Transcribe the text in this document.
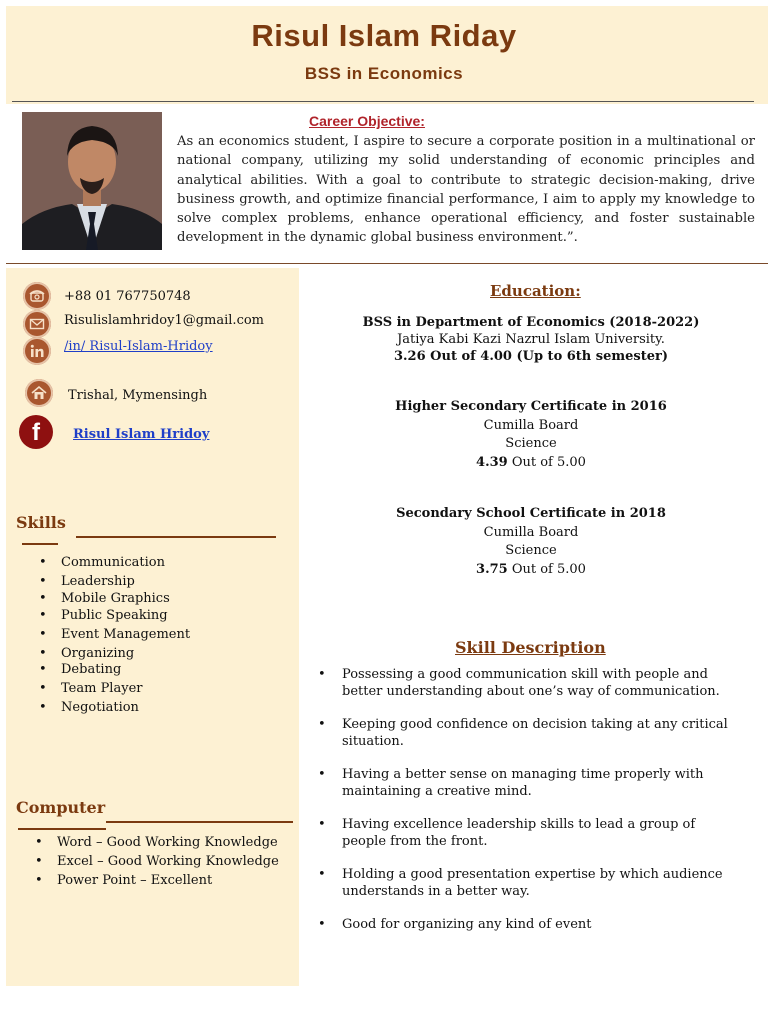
Risul Islam Riday
BSS in Economics
Career Objective:
As an economics student, I aspire to secure a corporate position in a multinational or national company, utilizing my solid understanding of economic principles and analytical abilities. With a goal to contribute to strategic decision-making, drive business growth, and optimize financial performance, I aim to apply my knowledge to solve complex problems, enhance operational efficiency, and foster sustainable development in the dynamic global business environment.”.
+88 01 767750748
Risulislamhridoy1@gmail.com
/in/ Risul-Islam-Hridoy
Trishal, Mymensingh
f	Risul Islam Hridoy
Skills
• Communication
• Leadership
• Mobile Graphics
• Public Speaking
• Event Management
• Organizing
• Debating
• Team Player
• Negotiation
Computer
• Word – Good Working Knowledge
• Excel – Good Working Knowledge
• Power Point – Excellent
Education:
BSS in Department of Economics (2018-2022)
Jatiya Kabi Kazi Nazrul Islam University.
3.26 Out of 4.00 (Up to 6th semester)
Higher Secondary Certificate in 2016
Cumilla Board
Science
4.39 Out of 5.00
Secondary School Certificate in 2018
Cumilla Board
Science
3.75 Out of 5.00
Skill Description
• Possessing a good communication skill with people and better understanding about one’s way of communication.
• Keeping good confidence on decision taking at any critical situation.
• Having a better sense on managing time properly with maintaining a creative mind.
• Having excellence leadership skills to lead a group of people from the front.
• Holding a good presentation expertise by which audience understands in a better way.
• Good for organizing any kind of event
